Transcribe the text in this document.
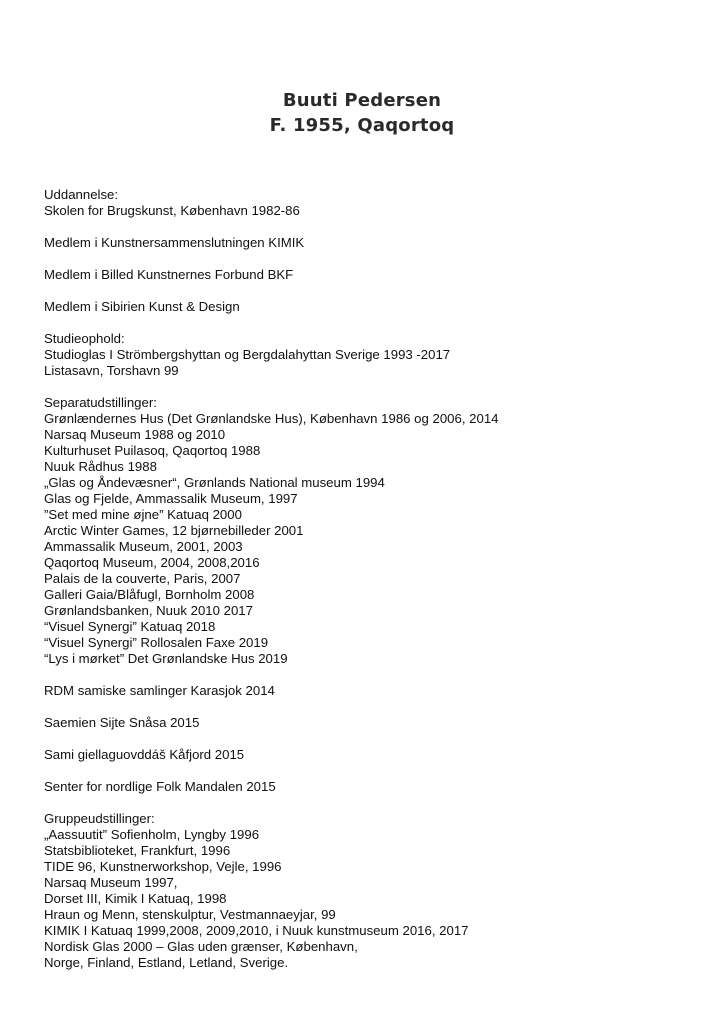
Buuti Pedersen
F. 1955, Qaqortoq
Uddannelse:
Skolen for Brugskunst, København 1982-86
Medlem i Kunstnersammenslutningen KIMIK
Medlem i Billed Kunstnernes Forbund BKF
Medlem i Sibirien Kunst & Design
Studieophold:
Studioglas I Strömbergshyttan og Bergdalahyttan Sverige 1993 -2017
Listasavn, Torshavn 99
Separatudstillinger:
Grønlændernes Hus (Det Grønlandske Hus), København 1986 og 2006, 2014
Narsaq Museum 1988 og 2010
Kulturhuset Puilasoq, Qaqortoq 1988
Nuuk Rådhus 1988
„Glas og Åndevæsner“, Grønlands National museum 1994
Glas og Fjelde, Ammassalik Museum, 1997
”Set med mine øjne” Katuaq 2000
Arctic Winter Games, 12 bjørnebilleder 2001
Ammassalik Museum, 2001, 2003
Qaqortoq Museum, 2004, 2008,2016
Palais de la couverte, Paris, 2007
Galleri Gaia/Blåfugl, Bornholm 2008
Grønlandsbanken, Nuuk 2010 2017
“Visuel Synergi” Katuaq 2018
“Visuel Synergi” Rollosalen Faxe 2019
“Lys i mørket” Det Grønlandske Hus 2019
RDM samiske samlinger Karasjok 2014
Saemien Sijte Snåsa 2015
Sami giellaguovddáš Kåfjord 2015
Senter for nordlige Folk Mandalen 2015
Gruppeudstillinger:
„Aassuutit” Sofienholm, Lyngby 1996
Statsbiblioteket, Frankfurt, 1996
TIDE 96, Kunstnerworkshop, Vejle, 1996
Narsaq Museum 1997,
Dorset III, Kimik I Katuaq, 1998
Hraun og Menn, stenskulptur, Vestmannaeyjar, 99
KIMIK I Katuaq 1999,2008, 2009,2010, i Nuuk kunstmuseum 2016, 2017
Nordisk Glas 2000 – Glas uden grænser, København,
Norge, Finland, Estland, Letland, Sverige.
